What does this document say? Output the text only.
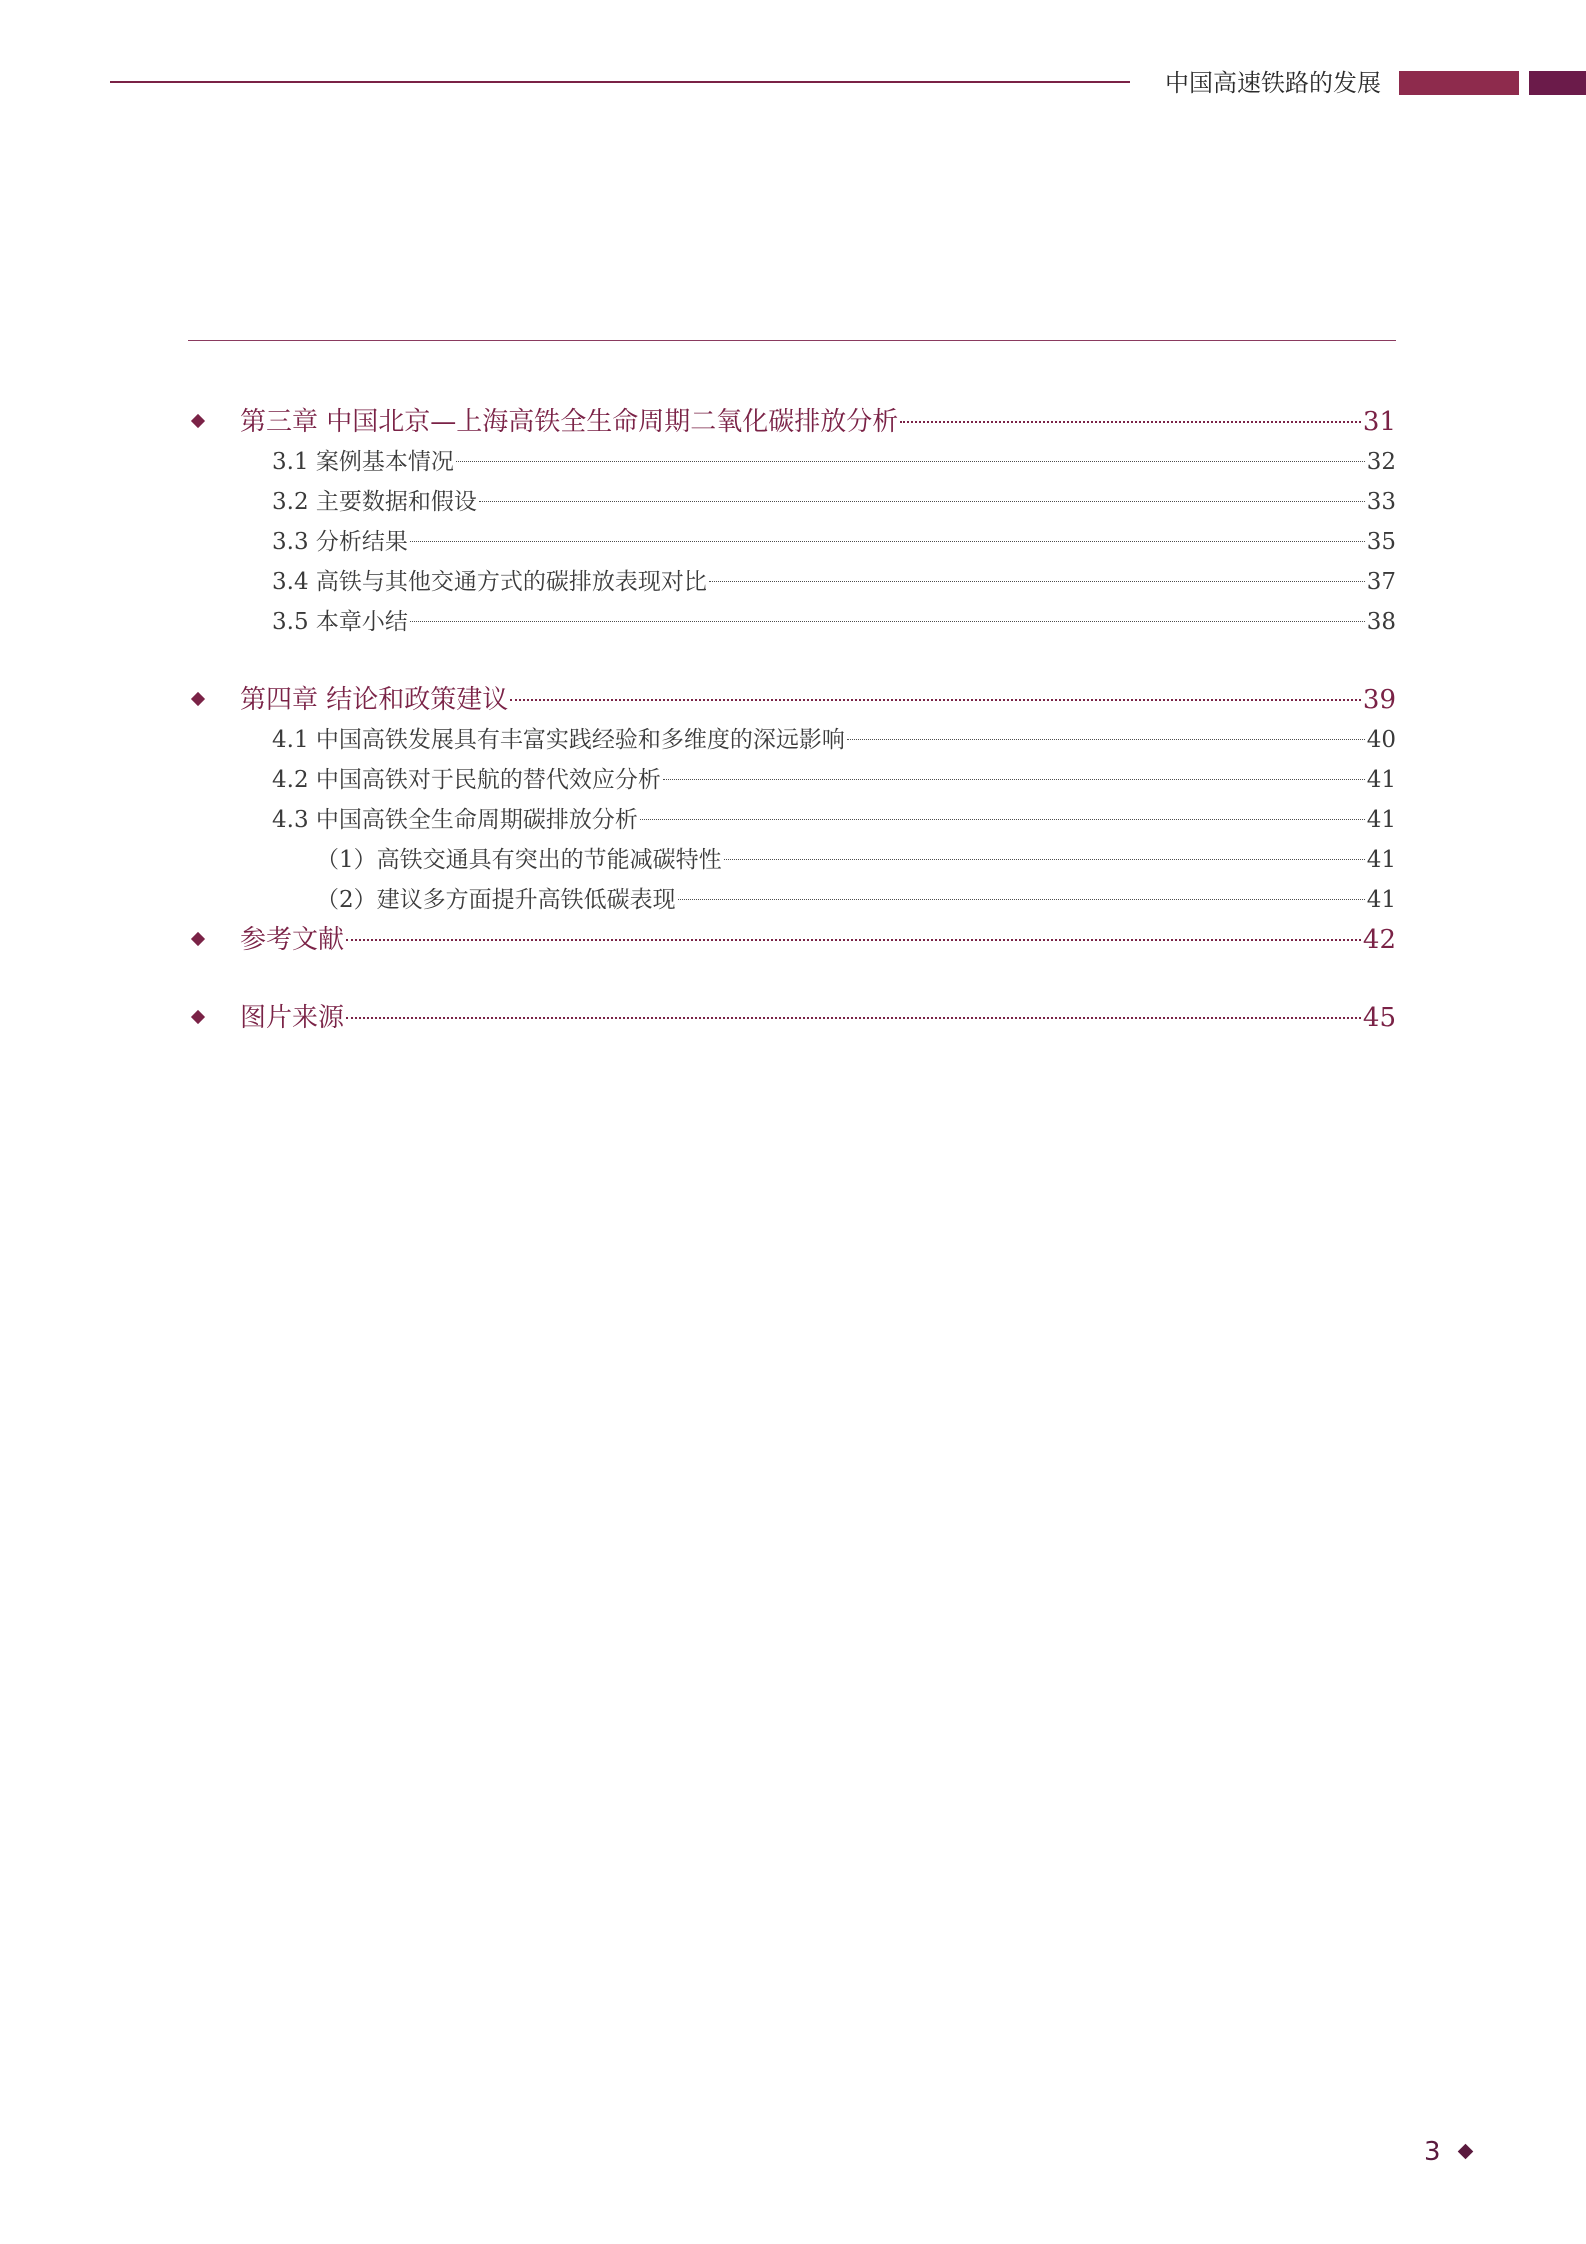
中国高速铁路的发展
第三章 中国北京—上海高铁全生命周期二氧化碳排放分析	31
3.1 案例基本情况	32
3.2 主要数据和假设	33
3.3 分析结果	35
3.4 高铁与其他交通方式的碳排放表现对比	37
3.5 本章小结	38
第四章 结论和政策建议	39
4.1 中国高铁发展具有丰富实践经验和多维度的深远影响	40
4.2 中国高铁对于民航的替代效应分析	41
4.3 中国高铁全生命周期碳排放分析	41
（1）高铁交通具有突出的节能减碳特性	41
（2）建议多方面提升高铁低碳表现	41
参考文献	42
图片来源	45
3
